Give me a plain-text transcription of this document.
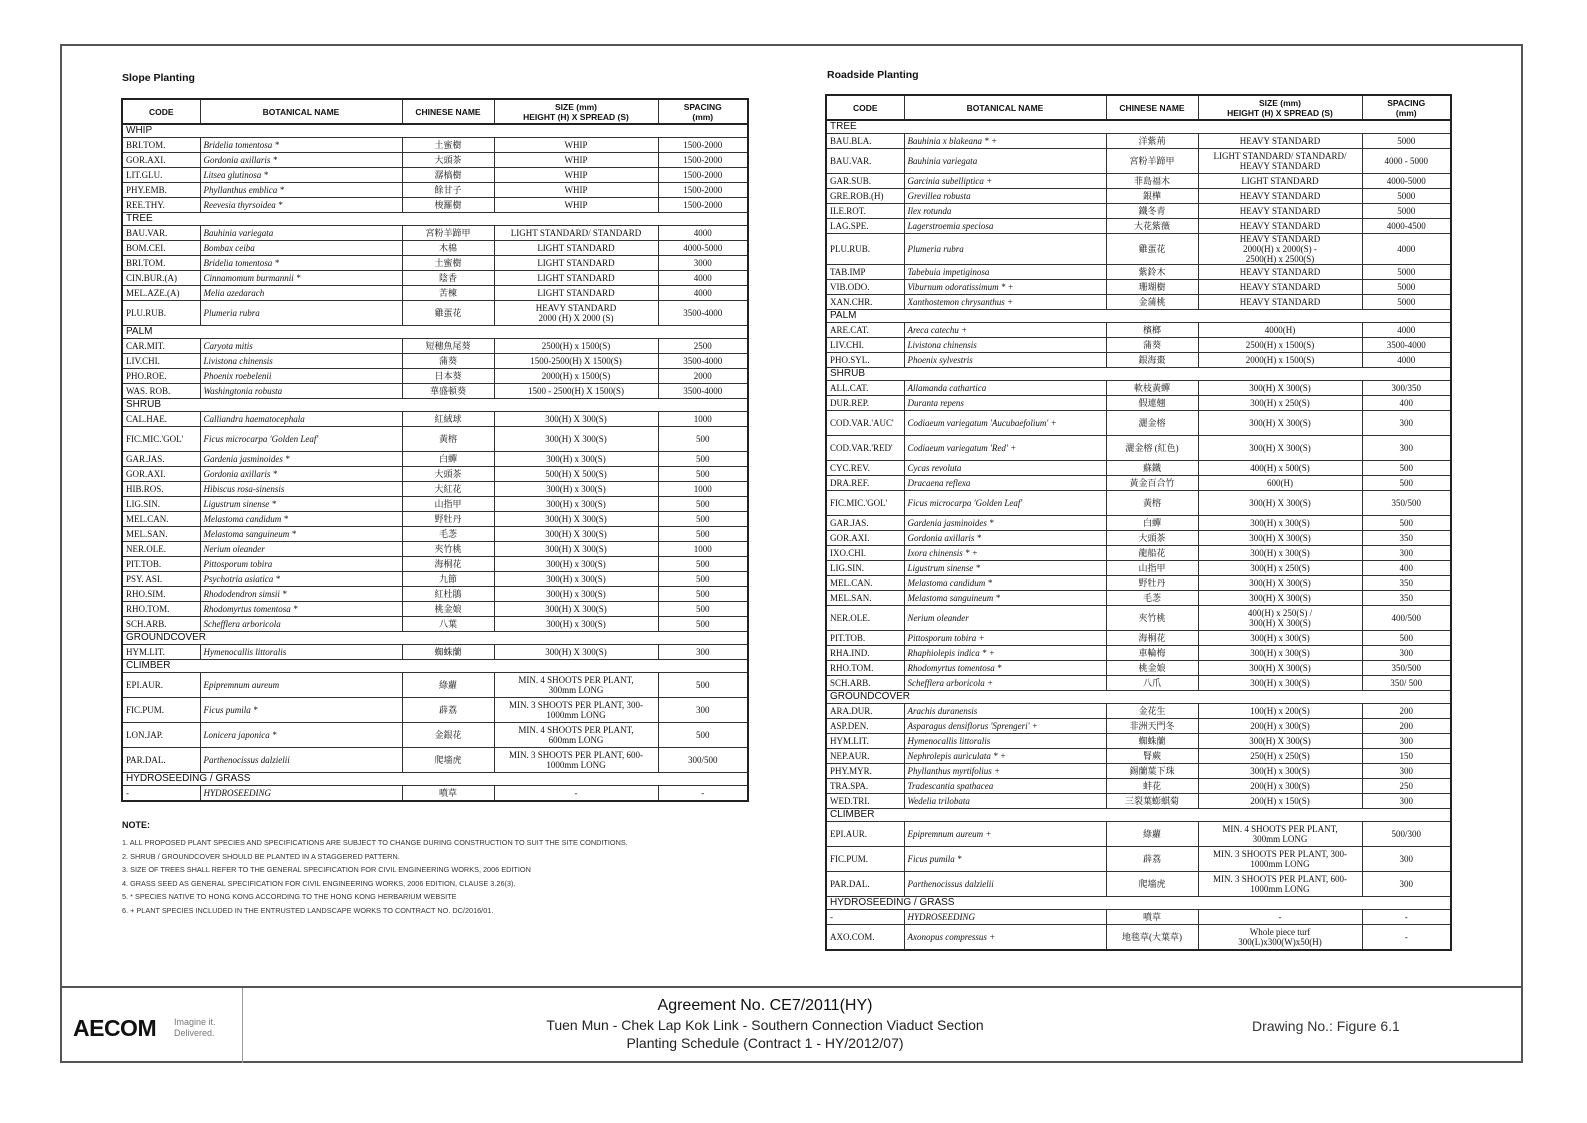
Slope Planting
CODE	BOTANICAL NAME	CHINESE NAME	SIZE (mm)
HEIGHT (H) X SPREAD (S)	SPACING
(mm)
WHIP				
BRI.TOM.	Bridelia tomentosa *	土蜜樹	WHIP	1500-2000
GOR.AXI.	Gordonia axillaris *	大頭茶	WHIP	1500-2000
LIT.GLU.	Litsea glutinosa *	潺槁樹	WHIP	1500-2000
PHY.EMB.	Phyllanthus emblica *	餘甘子	WHIP	1500-2000
REE.THY.	Reevesia thyrsoidea *	梭羅樹	WHIP	1500-2000
TREE				
BAU.VAR.	Bauhinia variegata	宮粉羊蹄甲	LIGHT STANDARD/ STANDARD	4000
BOM.CEI.	Bombax ceiba	木棉	LIGHT STANDARD	4000-5000
BRI.TOM.	Bridelia tomentosa *	土蜜樹	LIGHT STANDARD	3000
CIN.BUR.(A)	Cinnamomum burmannii *	陰香	LIGHT STANDARD	4000
MEL.AZE.(A)	Melia azedarach	苦楝	LIGHT STANDARD	4000
PLU.RUB.	Plumeria rubra	雞蛋花	HEAVY STANDARD
2000 (H) X 2000 (S)	3500-4000
PALM				
CAR.MIT.	Caryota mitis	短穗魚尾葵	2500(H) x 1500(S)	2500
LIV.CHI.	Livistona chinensis	蒲葵	1500-2500(H) X 1500(S)	3500-4000
PHO.ROE.	Phoenix roebelenii	日本葵	2000(H) x 1500(S)	2000
WAS. ROB.	Washingtonia robusta	華盛頓葵	1500 - 2500(H) X 1500(S)	3500-4000
SHRUB				
CAL.HAE.	Calliandra haematocephala	紅絨球	300(H) X 300(S)	1000
FIC.MIC.'GOL'	Ficus microcarpa 'Golden Leaf'	黃榕	300(H) X 300(S)	500
GAR.JAS.	Gardenia jasminoides *	白蟬	300(H) x 300(S)	500
GOR.AXI.	Gordonia axillaris *	大頭茶	500(H) X 500(S)	500
HIB.ROS.	Hibiscus rosa-sinensis	大紅花	300(H) x 300(S)	1000
LIG.SIN.	Ligustrum sinense *	山指甲	300(H) x 300(S)	500
MEL.CAN.	Melastoma candidum *	野牡丹	300(H) X 300(S)	500
MEL.SAN.	Melastoma sanguineum *	毛菍	300(H) X 300(S)	500
NER.OLE.	Nerium oleander	夾竹桃	300(H) X 300(S)	1000
PIT.TOB.	Pittosporum tobira	海桐花	300(H) x 300(S)	500
PSY. ASI.	Psychotria asiatica *	九節	300(H) x 300(S)	500
RHO.SIM.	Rhododendron simsii *	紅杜鵑	300(H) x 300(S)	500
RHO.TOM.	Rhodomyrtus tomentosa *	桃金娘	300(H) X 300(S)	500
SCH.ARB.	Schefflera arboricola	八葉	300(H) x 300(S)	500
GROUNDCOVER				
HYM.LIT.	Hymenocallis littoralis	蜘蛛蘭	300(H) X 300(S)	300
CLIMBER				
EPI.AUR.	Epipremnum aureum	綠蘿	MIN. 4 SHOOTS PER PLANT,
300mm LONG	500
FIC.PUM.	Ficus pumila *	薜荔	MIN. 3 SHOOTS PER PLANT, 300-
1000mm LONG	300
LON.JAP.	Lonicera japonica *	金銀花	MIN. 4 SHOOTS PER PLANT,
600mm LONG	500
PAR.DAL.	Parthenocissus dalzielii	爬墻虎	MIN. 3 SHOOTS PER PLANT, 600-
1000mm LONG	300/500
HYDROSEEDING / GRASS				
-	HYDROSEEDING	噴草	-	-
Roadside Planting
CODE	BOTANICAL NAME	CHINESE NAME	SIZE (mm)
HEIGHT (H) X SPREAD (S)	SPACING
(mm)
TREE				
BAU.BLA.	Bauhinia x blakeana * +	洋紫荊	HEAVY STANDARD	5000
BAU.VAR.	Bauhinia variegata	宮粉羊蹄甲	LIGHT STANDARD/ STANDARD/
HEAVY STANDARD	4000 - 5000
GAR.SUB.	Garcinia subelliptica +	菲島福木	LIGHT STANDARD	4000-5000
GRE.ROB.(H)	Grevillea robusta	銀樺	HEAVY STANDARD	5000
ILE.ROT.	Ilex rotunda	鐵冬青	HEAVY STANDARD	5000
LAG.SPE.	Lagerstroemia speciosa	大花紫薇	HEAVY STANDARD	4000-4500
PLU.RUB.	Plumeria rubra	雞蛋花	HEAVY STANDARD
2000(H) x 2000(S) -
2500(H) x 2500(S)	4000
TAB.IMP	Tabebuia impetiginosa	紫鈴木	HEAVY STANDARD	5000
VIB.ODO.	Viburnum odoratissimum * +	珊瑚樹	HEAVY STANDARD	5000
XAN.CHR.	Xanthostemon chrysanthus +	金蒲桃	HEAVY STANDARD	5000
PALM				
ARE.CAT.	Areca catechu +	檳榔	4000(H)	4000
LIV.CHI.	Livistona chinensis	蒲葵	2500(H) x 1500(S)	3500-4000
PHO.SYL.	Phoenix sylvestris	銀海棗	2000(H) x 1500(S)	4000
SHRUB				
ALL.CAT.	Allamanda cathartica	軟枝黃蟬	300(H) X 300(S)	300/350
DUR.REP.	Duranta repens	假連翹	300(H) x 250(S)	400
COD.VAR.'AUC'	Codiaeum variegatum 'Aucubaefolium' +	灑金榕	300(H) X 300(S)	300
COD.VAR.'RED'	Codiaeum variegatum 'Red' +	灑金榕 (紅色)	300(H) X 300(S)	300
CYC.REV.	Cycas revoluta	蘇鐵	400(H) x 500(S)	500
DRA.REF.	Dracaena reflexa	黃金百合竹	600(H)	500
FIC.MIC.'GOL'	Ficus microcarpa 'Golden Leaf'	黃榕	300(H) X 300(S)	350/500
GAR.JAS.	Gardenia jasminoides *	白蟬	300(H) x 300(S)	500
GOR.AXI.	Gordonia axillaris *	大頭茶	300(H) X 300(S)	350
IXO.CHI.	Ixora chinensis * +	龍船花	300(H) x 300(S)	300
LIG.SIN.	Ligustrum sinense *	山指甲	300(H) x 250(S)	400
MEL.CAN.	Melastoma candidum *	野牡丹	300(H) X 300(S)	350
MEL.SAN.	Melastoma sanguineum *	毛菍	300(H) X 300(S)	350
NER.OLE.	Nerium oleander	夾竹桃	400(H) x 250(S) /
300(H) X 300(S)	400/500
PIT.TOB.	Pittosporum tobira +	海桐花	300(H) x 300(S)	500
RHA.IND.	Rhaphiolepis indica * +	車輪梅	300(H) x 300(S)	300
RHO.TOM.	Rhodomyrtus tomentosa *	桃金娘	300(H) X 300(S)	350/500
SCH.ARB.	Schefflera arboricola +	八爪	300(H) x 300(S)	350/ 500
GROUNDCOVER				
ARA.DUR.	Arachis duranensis	金花生	100(H) x 200(S)	200
ASP.DEN.	Asparagus densiflorus 'Sprengeri' +	非洲天門冬	200(H) x 300(S)	200
HYM.LIT.	Hymenocallis littoralis	蜘蛛蘭	300(H) X 300(S)	300
NEP.AUR.	Nephrolepis auriculata * +	腎蕨	250(H) x 250(S)	150
PHY.MYR.	Phyllanthus myrtifolius +	錫蘭葉下珠	300(H) x 300(S)	300
TRA.SPA.	Tradescantia spathacea	蚌花	200(H) x 300(S)	250
WED.TRI.	Wedelia trilobata	三裂葉蟛蜞菊	200(H) x 150(S)	300
CLIMBER				
EPI.AUR.	Epipremnum aureum +	綠蘿	MIN. 4 SHOOTS PER PLANT,
300mm LONG	500/300
FIC.PUM.	Ficus pumila *	薜荔	MIN. 3 SHOOTS PER PLANT, 300-
1000mm LONG	300
PAR.DAL.	Parthenocissus dalzielii	爬墻虎	MIN. 3 SHOOTS PER PLANT, 600-
1000mm LONG	300
HYDROSEEDING / GRASS				
-	HYDROSEEDING	噴草	-	-
AXO.COM.	Axonopus compressus +	地毯草(大葉草)	Whole piece turf
300(L)x300(W)x50(H)	-
NOTE:
1. ALL PROPOSED PLANT SPECIES AND SPECIFICATIONS ARE SUBJECT TO CHANGE DURING CONSTRUCTION TO SUIT THE SITE CONDITIONS.
2. SHRUB / GROUNDCOVER SHOULD BE PLANTED IN A STAGGERED PATTERN.
3. SIZE OF TREES SHALL REFER TO THE GENERAL SPECIFICATION FOR CIVIL ENGINEERING WORKS, 2006 EDITION
4. GRASS SEED AS GENERAL SPECIFICATION FOR CIVIL ENGINEERING WORKS, 2006 EDITION, CLAUSE 3.26(3).
5. * SPECIES NATIVE TO HONG KONG ACCORDING TO THE HONG KONG HERBARIUM WEBSITE
6. + PLANT SPECIES INCLUDED IN THE ENTRUSTED LANDSCAPE WORKS TO CONTRACT NO. DC/2016/01.
AECOM Imagine it.
Delivered.
Agreement No. CE7/2011(HY)
Tuen Mun - Chek Lap Kok Link - Southern Connection Viaduct Section
Planting Schedule (Contract 1 - HY/2012/07)
Drawing No.: Figure 6.1
